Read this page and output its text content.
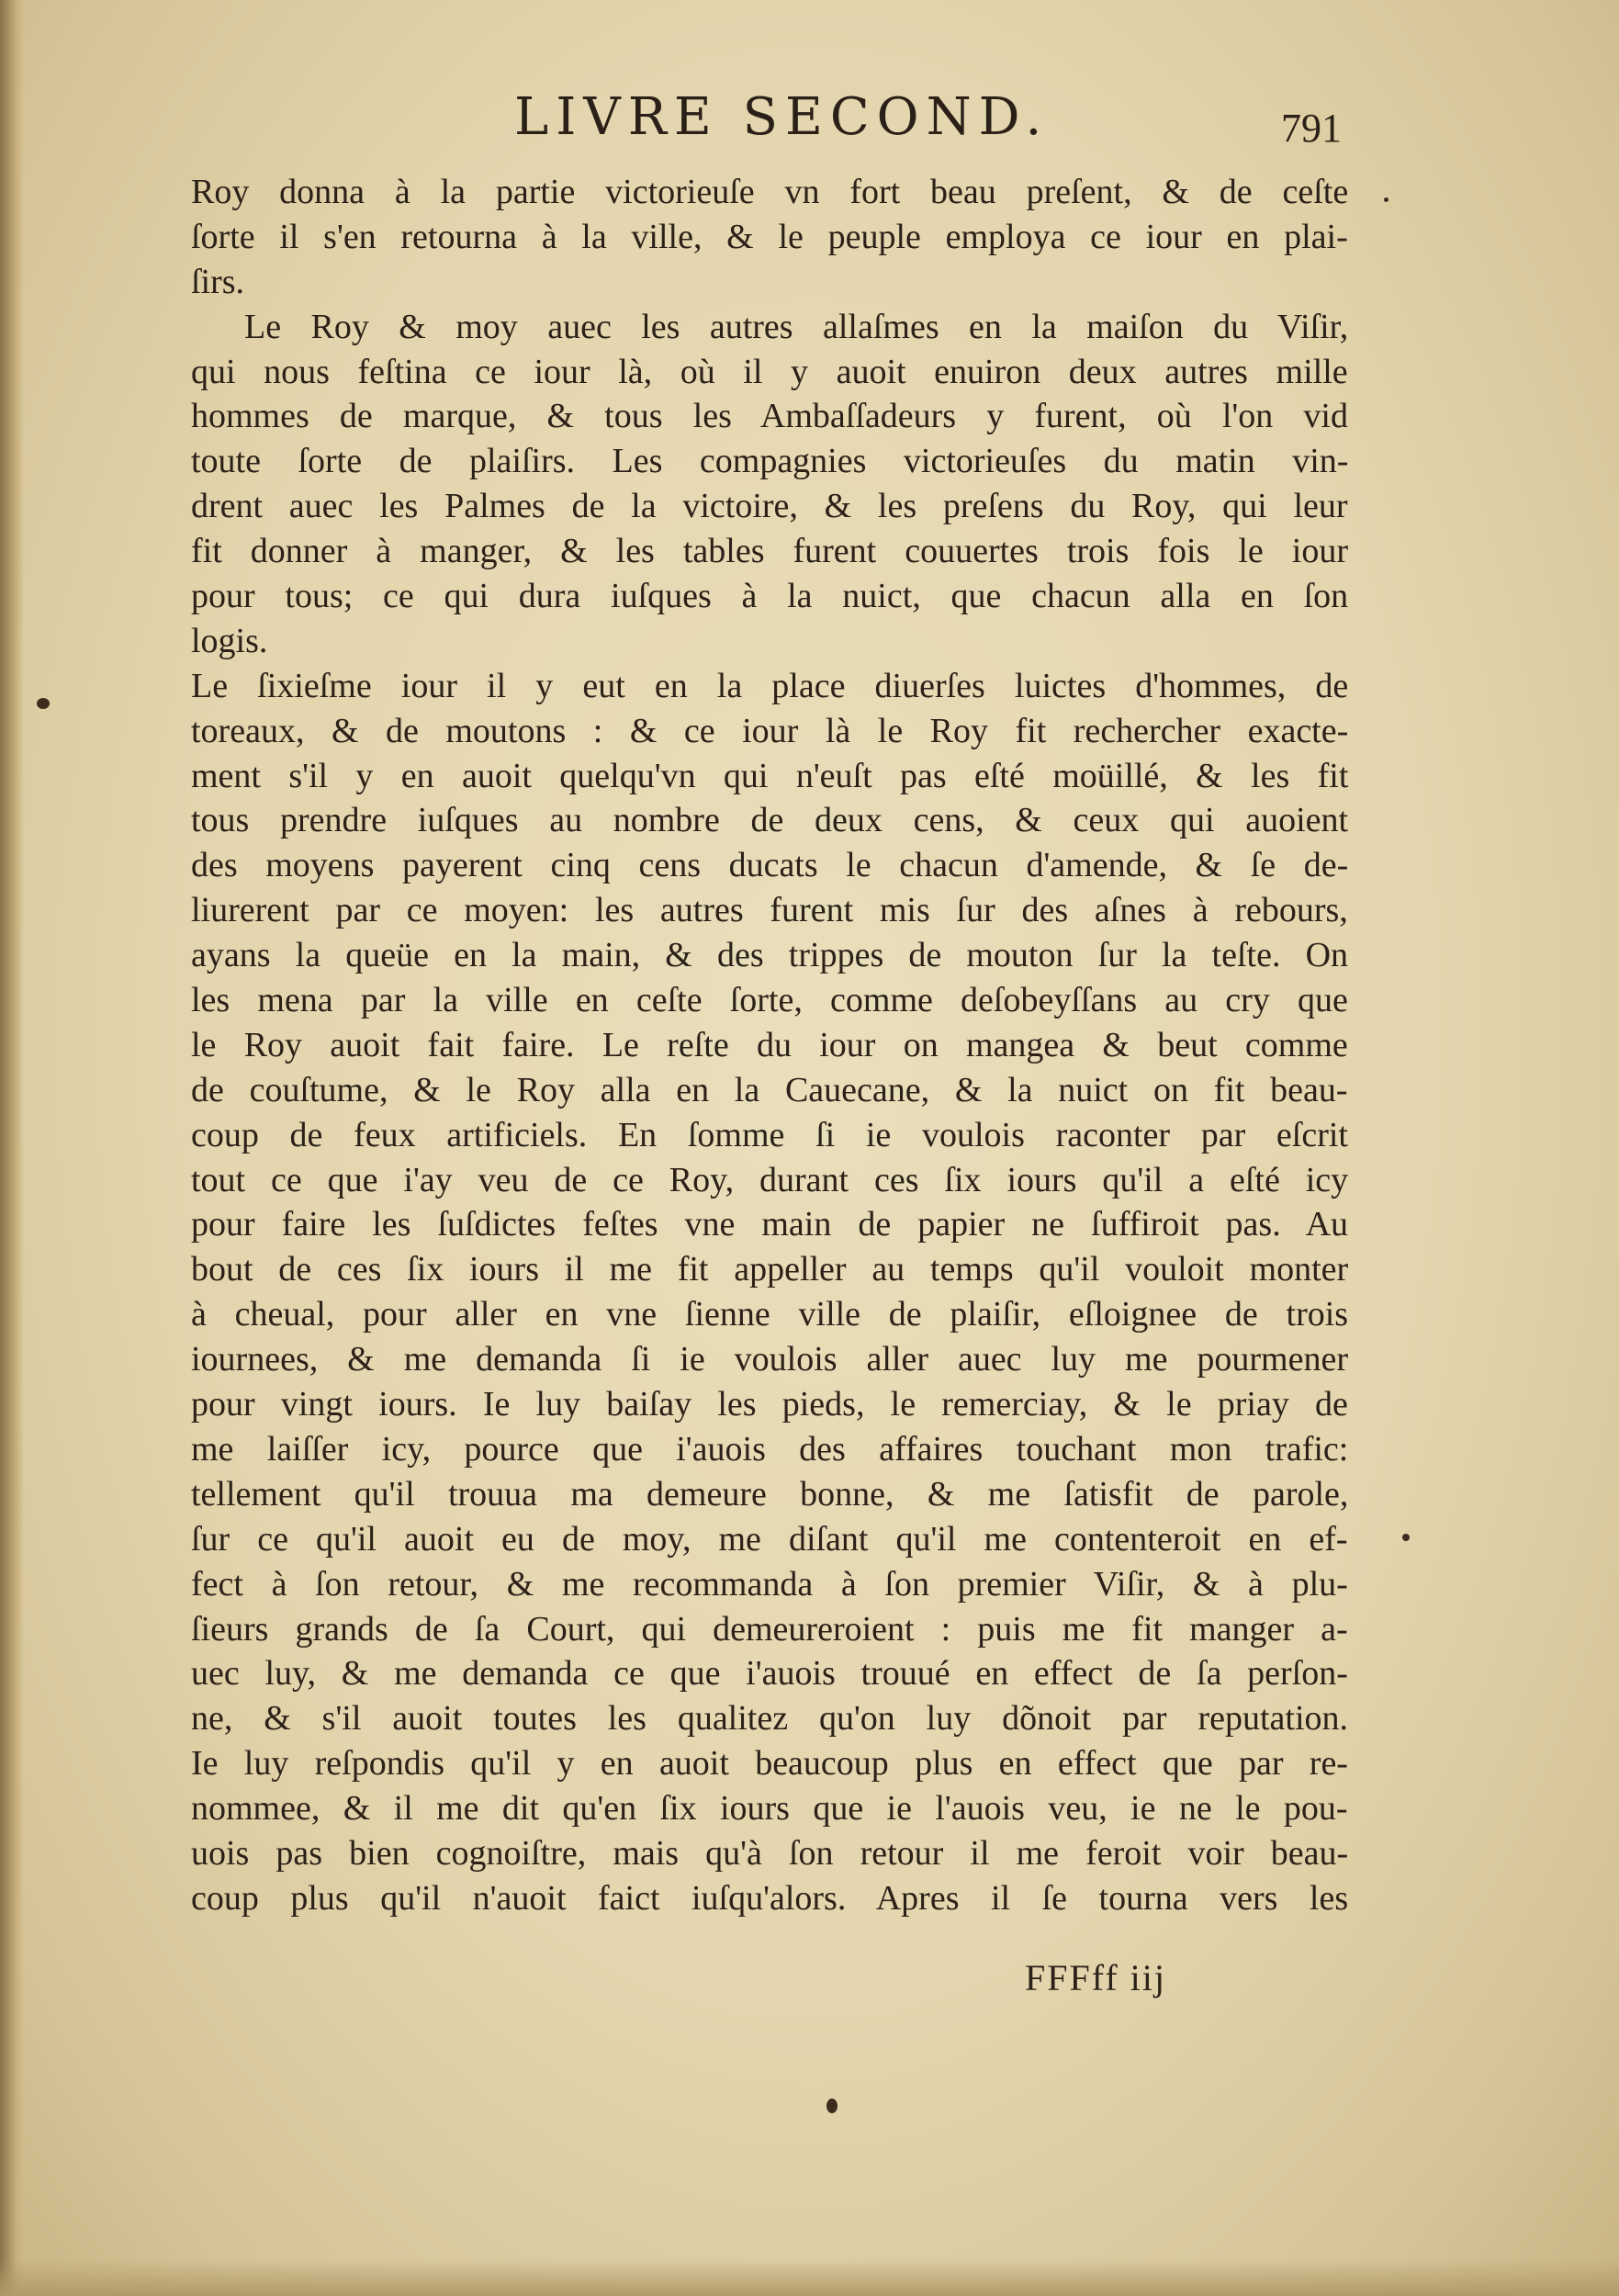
LIVRE SECOND.	791
Roy donna à la partie victorieuſe vn fort beau preſent, & de ceſte
ſorte il s'en retourna à la ville, & le peuple employa ce iour en plai-
ſirs.
Le Roy & moy auec les autres allaſmes en la maiſon du Viſir,
qui nous feſtina ce iour là, où il y auoit enuiron deux autres mille
hommes de marque, & tous les Ambaſſadeurs y furent, où l'on vid
toute ſorte de plaiſirs. Les compagnies victorieuſes du matin vin-
drent auec les Palmes de la victoire, & les preſens du Roy, qui leur
fit donner à manger, & les tables furent couuertes trois fois le iour
pour tous; ce qui dura iuſques à la nuict, que chacun alla en ſon
logis.
Le ſixieſme iour il y eut en la place diuerſes luictes d'hommes, de
toreaux, & de moutons : & ce iour là le Roy fit rechercher exacte-
ment s'il y en auoit quelqu'vn qui n'euſt pas eſté moüillé, & les fit
tous prendre iuſques au nombre de deux cens, & ceux qui auoient
des moyens payerent cinq cens ducats le chacun d'amende, & ſe de-
liurerent par ce moyen: les autres furent mis ſur des aſnes à rebours,
ayans la queüe en la main, & des trippes de mouton ſur la teſte. On
les mena par la ville en ceſte ſorte, comme deſobeyſſans au cry que
le Roy auoit fait faire. Le reſte du iour on mangea & beut comme
de couſtume, & le Roy alla en la Cauecane, & la nuict on fit beau-
coup de feux artificiels. En ſomme ſi ie voulois raconter par eſcrit
tout ce que i'ay veu de ce Roy, durant ces ſix iours qu'il a eſté icy
pour faire les ſuſdictes feſtes vne main de papier ne ſuffiroit pas. Au
bout de ces ſix iours il me fit appeller au temps qu'il vouloit monter
à cheual, pour aller en vne ſienne ville de plaiſir, eſloignee de trois
iournees, & me demanda ſi ie voulois aller auec luy me pourmener
pour vingt iours. Ie luy baiſay les pieds, le remerciay, & le priay de
me laiſſer icy, pource que i'auois des affaires touchant mon trafic:
tellement qu'il trouua ma demeure bonne, & me ſatisfit de parole,
ſur ce qu'il auoit eu de moy, me diſant qu'il me contenteroit en ef-
fect à ſon retour, & me recommanda à ſon premier Viſir, & à plu-
ſieurs grands de ſa Court, qui demeureroient : puis me fit manger a-
uec luy, & me demanda ce que i'auois trouué en effect de ſa perſon-
ne, & s'il auoit toutes les qualitez qu'on luy dõnoit par reputation.
Ie luy reſpondis qu'il y en auoit beaucoup plus en effect que par re-
nommee, & il me dit qu'en ſix iours que ie l'auois veu, ie ne le pou-
uois pas bien cognoiſtre, mais qu'à ſon retour il me feroit voir beau-
coup plus qu'il n'auoit faict iuſqu'alors. Apres il ſe tourna vers les
FFFff iij
